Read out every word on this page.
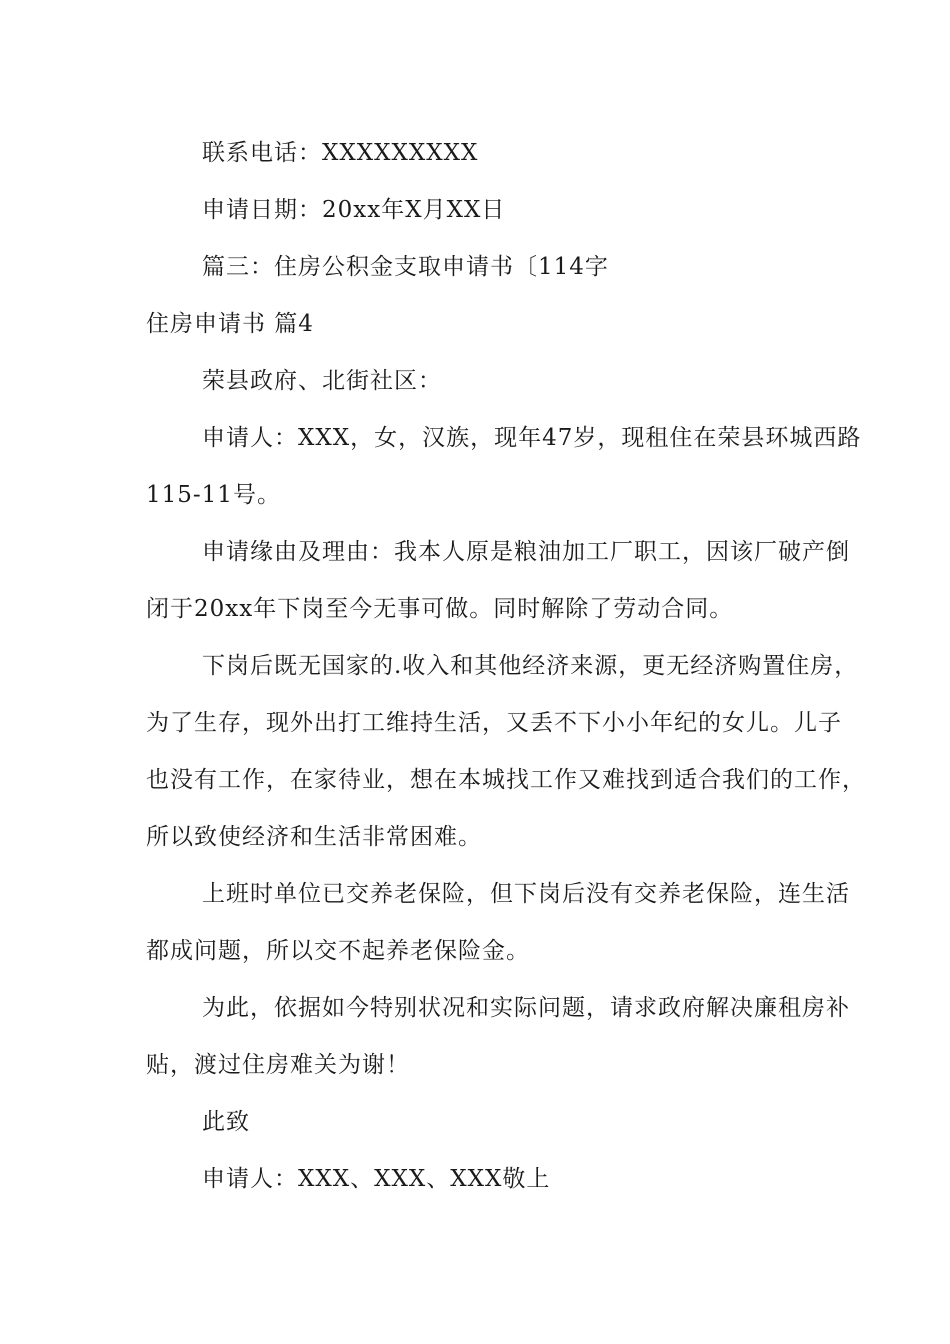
联系电话：XXXXXXXXX
申请日期：20xx年X月XX日
篇三：住房公积金支取申请书〔114字
住房申请书 篇4
荣县政府、北街社区：
申请人：XXX，女，汉族，现年47岁，现租住在荣县环城西路
115-11号。
申请缘由及理由：我本人原是粮油加工厂职工，因该厂破产倒
闭于20xx年下岗至今无事可做。同时解除了劳动合同。
下岗后既无国家的.收入和其他经济来源，更无经济购置住房，
为了生存，现外出打工维持生活，又丢不下小小年纪的女儿。儿子
也没有工作，在家待业，想在本城找工作又难找到适合我们的工作，
所以致使经济和生活非常困难。
上班时单位已交养老保险，但下岗后没有交养老保险，连生活
都成问题，所以交不起养老保险金。
为此，依据如今特别状况和实际问题，请求政府解决廉租房补
贴，渡过住房难关为谢！
此致
申请人：XXX、XXX、XXX敬上
